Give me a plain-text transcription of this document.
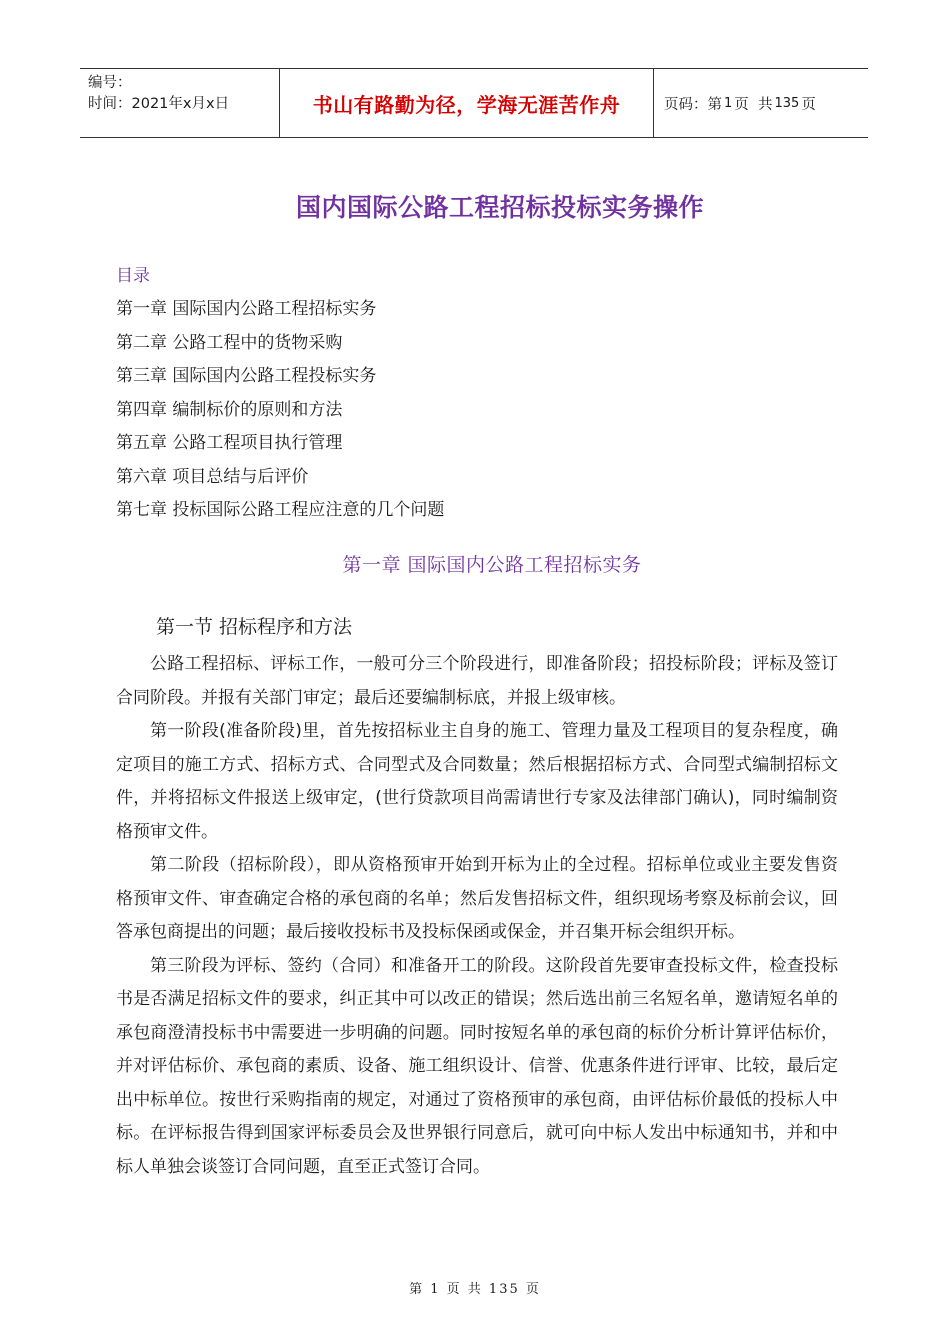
编号：
时间：2021年x月x日	书山有路勤为径，学海无涯苦作舟	页码：第 1 页  共 135 页
国内国际公路工程招标投标实务操作
目录
第一章 国际国内公路工程招标实务
第二章 公路工程中的货物采购
第三章 国际国内公路工程投标实务
第四章 编制标价的原则和方法
第五章 公路工程项目执行管理
第六章 项目总结与后评价
第七章 投标国际公路工程应注意的几个问题
第一章 国际国内公路工程招标实务
第一节 招标程序和方法

公路工程招标、评标工作，一般可分三个阶段进行，即准备阶段；招投标阶段；评标及签订合同阶段。并报有关部门审定；最后还要编制标底，并报上级审核。

第一阶段(准备阶段)里，首先按招标业主自身的施工、管理力量及工程项目的复杂程度，确定项目的施工方式、招标方式、合同型式及合同数量；然后根据招标方式、合同型式编制招标文件，并将招标文件报送上级审定，(世行贷款项目尚需请世行专家及法律部门确认)，同时编制资格预审文件。

第二阶段（招标阶段），即从资格预审开始到开标为止的全过程。招标单位或业主要发售资格预审文件、审查确定合格的承包商的名单；然后发售招标文件，组织现场考察及标前会议，回答承包商提出的问题；最后接收投标书及投标保函或保金，并召集开标会组织开标。

第三阶段为评标、签约（合同）和准备开工的阶段。这阶段首先要审查投标文件，检查投标书是否满足招标文件的要求，纠正其中可以改正的错误；然后选出前三名短名单，邀请短名单的承包商澄清投标书中需要进一步明确的问题。同时按短名单的承包商的标价分析计算评估标价，并对评估标价、承包商的素质、设备、施工组织设计、信誉、优惠条件进行评审、比较，最后定出中标单位。按世行采购指南的规定，对通过了资格预审的承包商，由评估标价最低的投标人中标。在评标报告得到国家评标委员会及世界银行同意后，就可向中标人发出中标通知书，并和中标人单独会谈签订合同问题，直至正式签订合同。

第 1 页 共 135 页
